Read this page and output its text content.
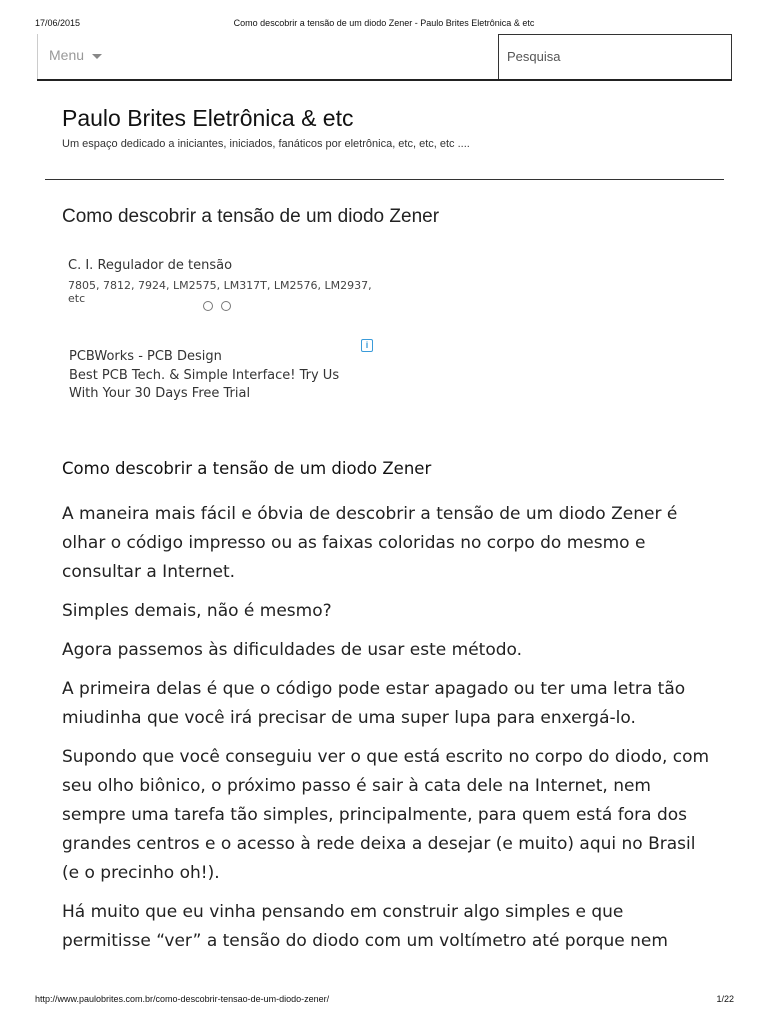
17/06/2015	Como descobrir a tensão de um diodo Zener - Paulo Brites Eletrônica & etc
Menu	Pesquisa
Paulo Brites Eletrônica & etc
Um espaço dedicado a iniciantes, iniciados, fanáticos por eletrônica, etc, etc, etc ....
Como descobrir a tensão de um diodo Zener
C. I. Regulador de tensão
7805, 7812, 7924, LM2575, LM317T, LM2576, LM2937, etc
i
PCBWorks - PCB Design
Best PCB Tech. & Simple Interface! Try Us With Your 30 Days Free Trial
Como descobrir a tensão de um diodo Zener

A maneira mais fácil e óbvia de descobrir a tensão de um diodo Zener é olhar o código impresso ou as faixas coloridas no corpo do mesmo e consultar a Internet.

Simples demais, não é mesmo?

Agora passemos às dificuldades de usar este método.

A primeira delas é que o código pode estar apagado ou ter uma letra tão miudinha que você irá precisar de uma super lupa para enxergá-lo.

Supondo que você conseguiu ver o que está escrito no corpo do diodo, com seu olho biônico, o próximo passo é sair à cata dele na Internet, nem sempre uma tarefa tão simples, principalmente, para quem está fora dos grandes centros e o acesso à rede deixa a desejar (e muito) aqui no Brasil (e o precinho oh!).

Há muito que eu vinha pensando em construir algo simples e que permitisse “ver” a tensão do diodo com um voltímetro até porque nem

http://www.paulobrites.com.br/como-descobrir-tensao-de-um-diodo-zener/	1/22
